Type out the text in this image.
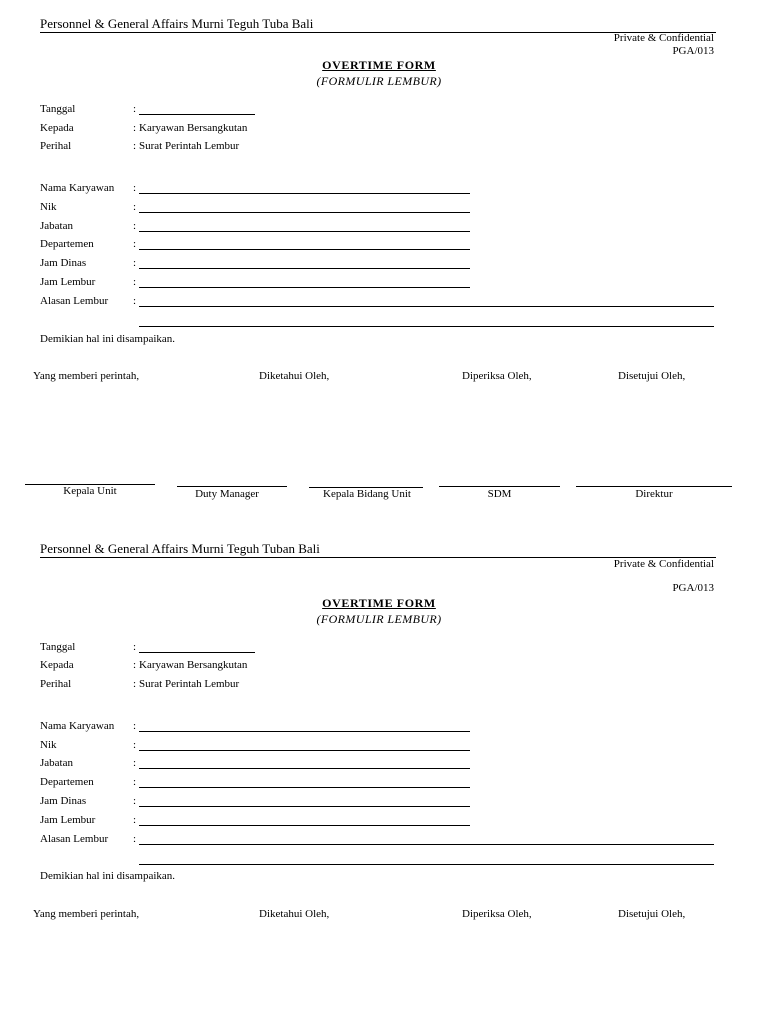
Personnel & General Affairs Murni Teguh Tuba Bali
Private & Confidential
PGA/013
OVERTIME FORM
(FORMULIR LEMBUR)
Tanggal	:
Kepada	: Karyawan Bersangkutan
Perihal	: Surat Perintah Lembur
Nama Karyawan :
Nik	:
Jabatan	:
Departemen	:
Jam Dinas	:
Jam Lembur	:
Alasan Lembur :
Demikian hal ini disampaikan.
Yang memberi perintah,	Diketahui Oleh,	Diperiksa Oleh,	Disetujui Oleh,
Kepala Unit	Duty Manager	Kepala Bidang Unit	SDM	Direktur
Personnel & General Affairs Murni Teguh Tuban Bali
Private & Confidential
PGA/013
OVERTIME FORM
(FORMULIR LEMBUR)
Tanggal	:
Kepada	: Karyawan Bersangkutan
Perihal	: Surat Perintah Lembur
Nama Karyawan :
Nik	:
Jabatan	:
Departemen	:
Jam Dinas	:
Jam Lembur	:
Alasan Lembur :
Demikian hal ini disampaikan.
Yang memberi perintah,	Diketahui Oleh,	Diperiksa Oleh,	Disetujui Oleh,
